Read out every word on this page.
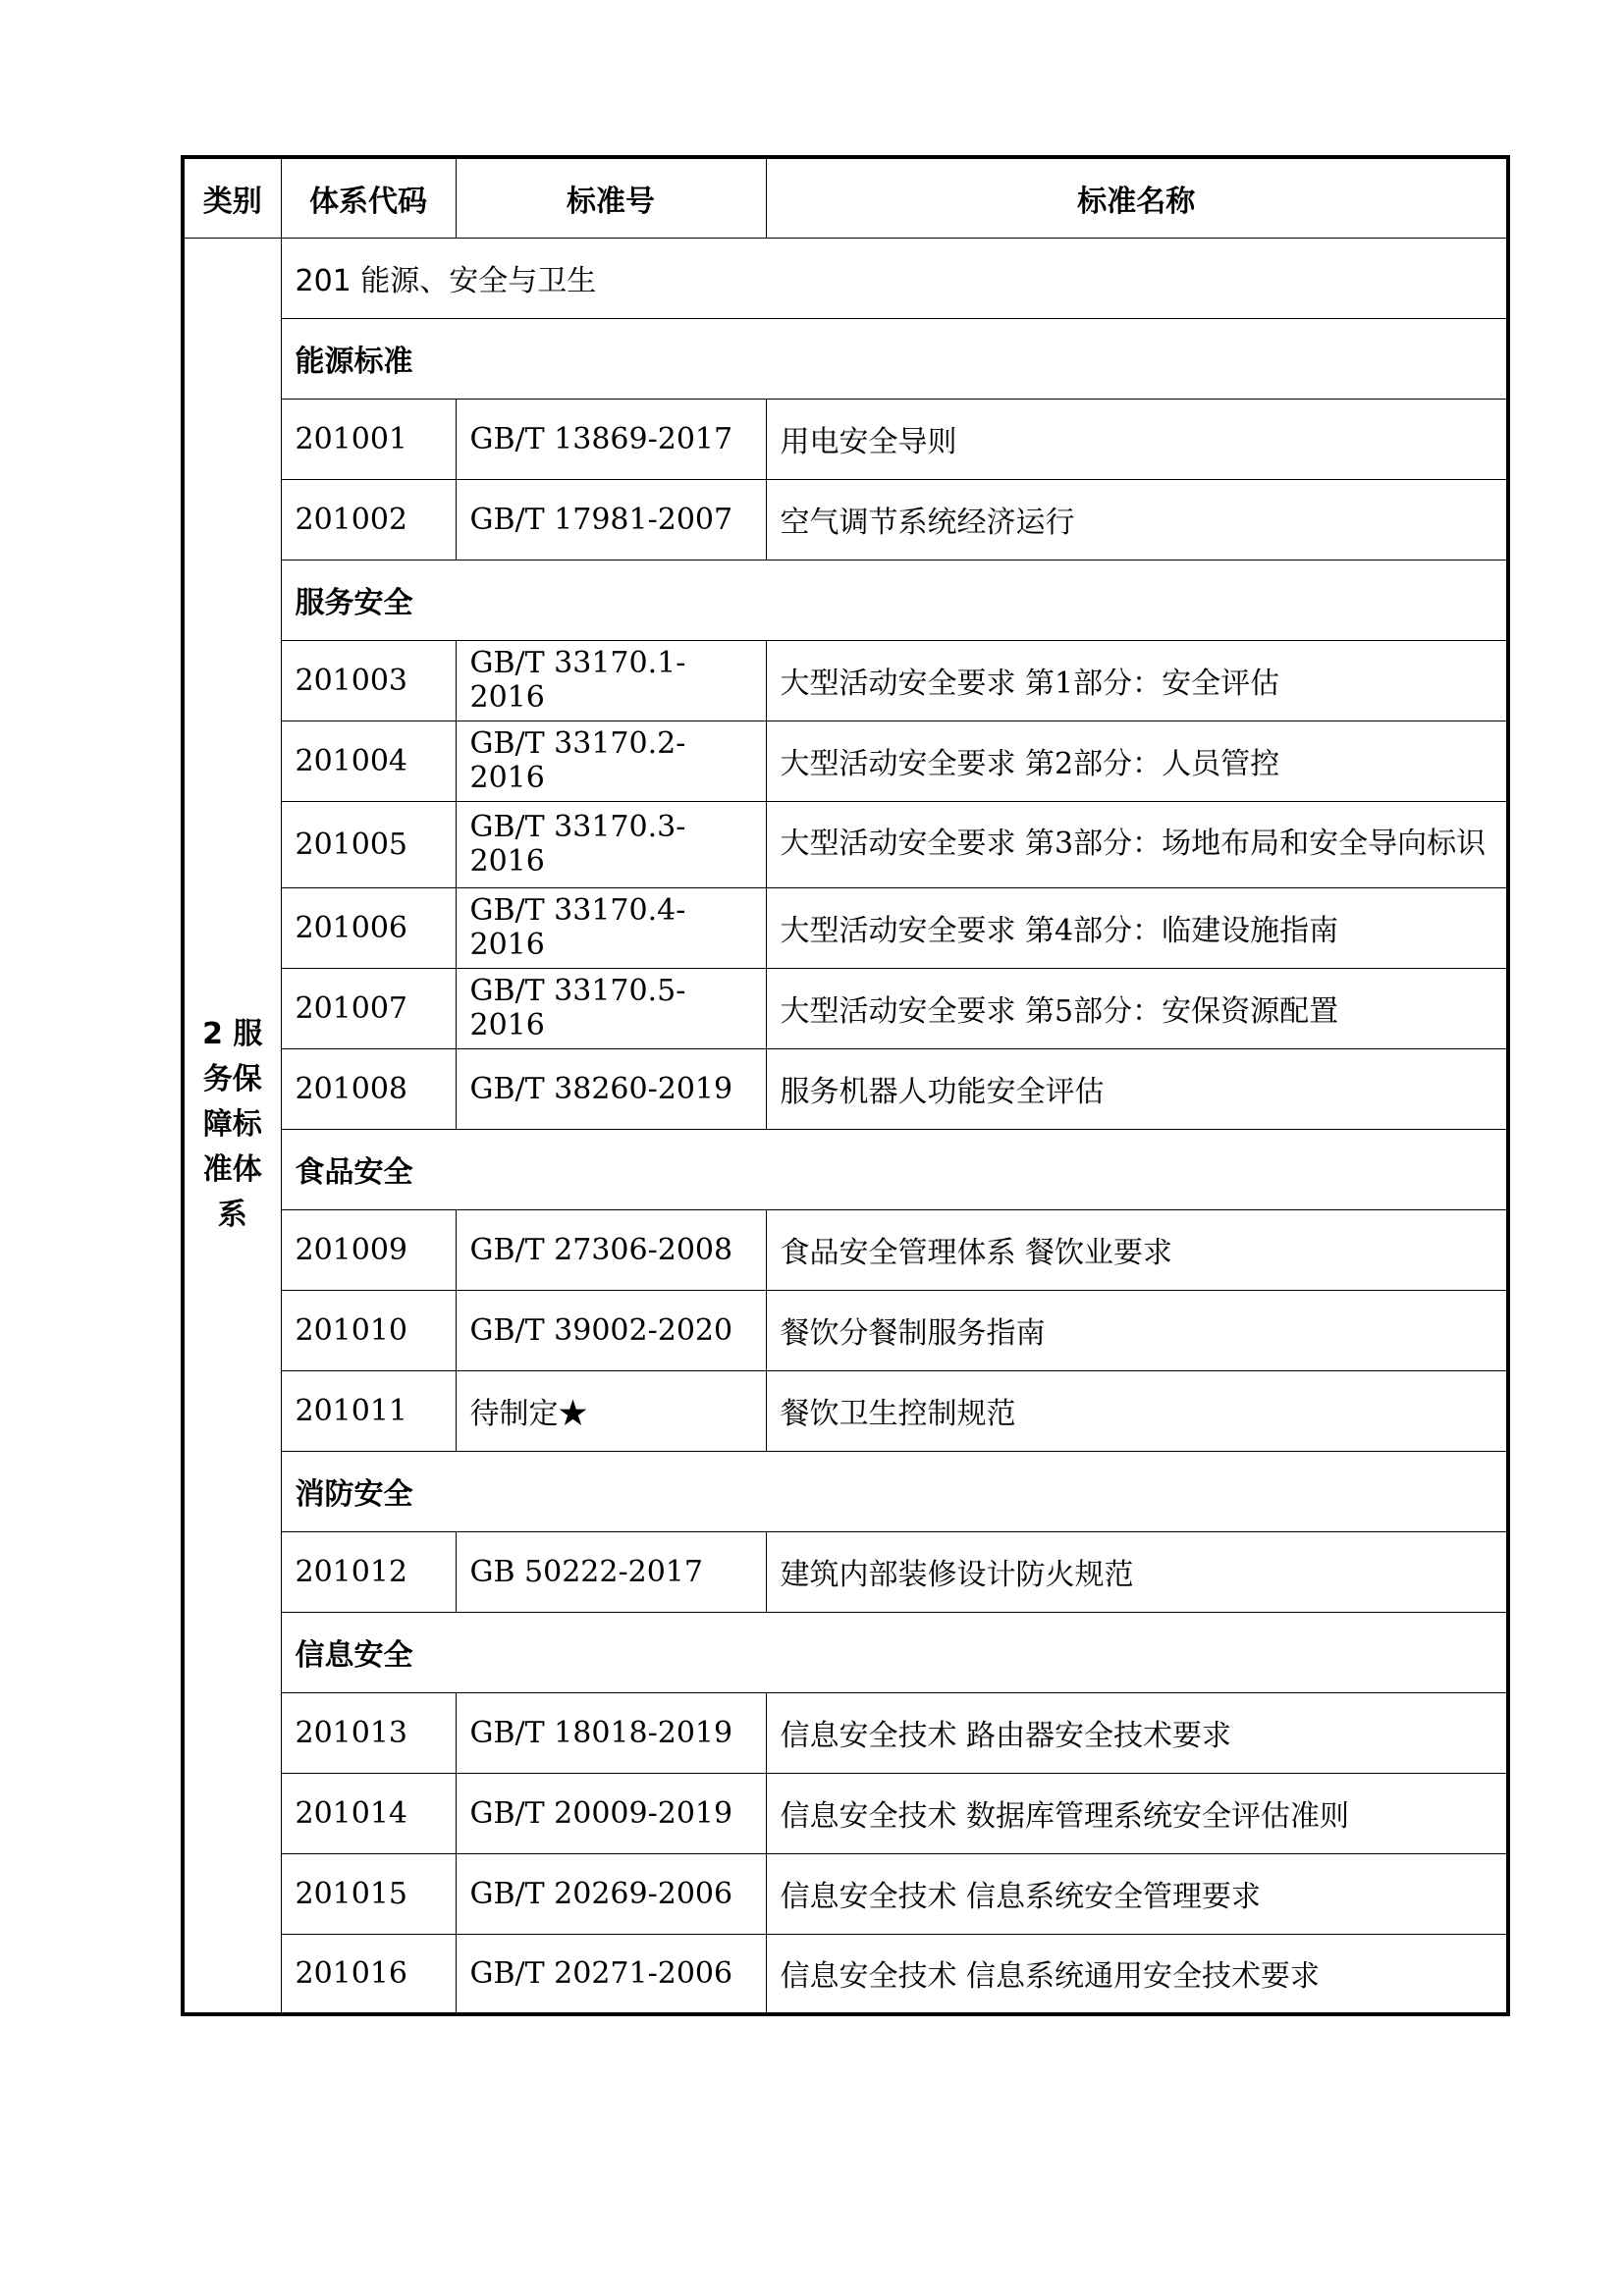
类别	体系代码	标准号	标准名称

2 服务保障标准体系	201 能源、安全与卫生		
	能源标准		
	201001	GB/T 13869-2017	用电安全导则
	201002	GB/T 17981-2007	空气调节系统经济运行
	服务安全		
	201003	GB/T 33170.1-2016	大型活动安全要求 第1部分：安全评估
	201004	GB/T 33170.2-2016	大型活动安全要求 第2部分：人员管控
	201005	GB/T 33170.3-2016	大型活动安全要求 第3部分：场地布局和安全导向标识
	201006	GB/T 33170.4-2016	大型活动安全要求 第4部分：临建设施指南
	201007	GB/T 33170.5-2016	大型活动安全要求 第5部分：安保资源配置
	201008	GB/T 38260-2019	服务机器人功能安全评估
	食品安全		
	201009	GB/T 27306-2008	食品安全管理体系 餐饮业要求
	201010	GB/T 39002-2020	餐饮分餐制服务指南
	201011	待制定★	餐饮卫生控制规范
	消防安全		
	201012	GB 50222-2017	建筑内部装修设计防火规范
	信息安全		
	201013	GB/T 18018-2019	信息安全技术 路由器安全技术要求
	201014	GB/T 20009-2019	信息安全技术 数据库管理系统安全评估准则
	201015	GB/T 20269-2006	信息安全技术 信息系统安全管理要求
	201016	GB/T 20271-2006	信息安全技术 信息系统通用安全技术要求
